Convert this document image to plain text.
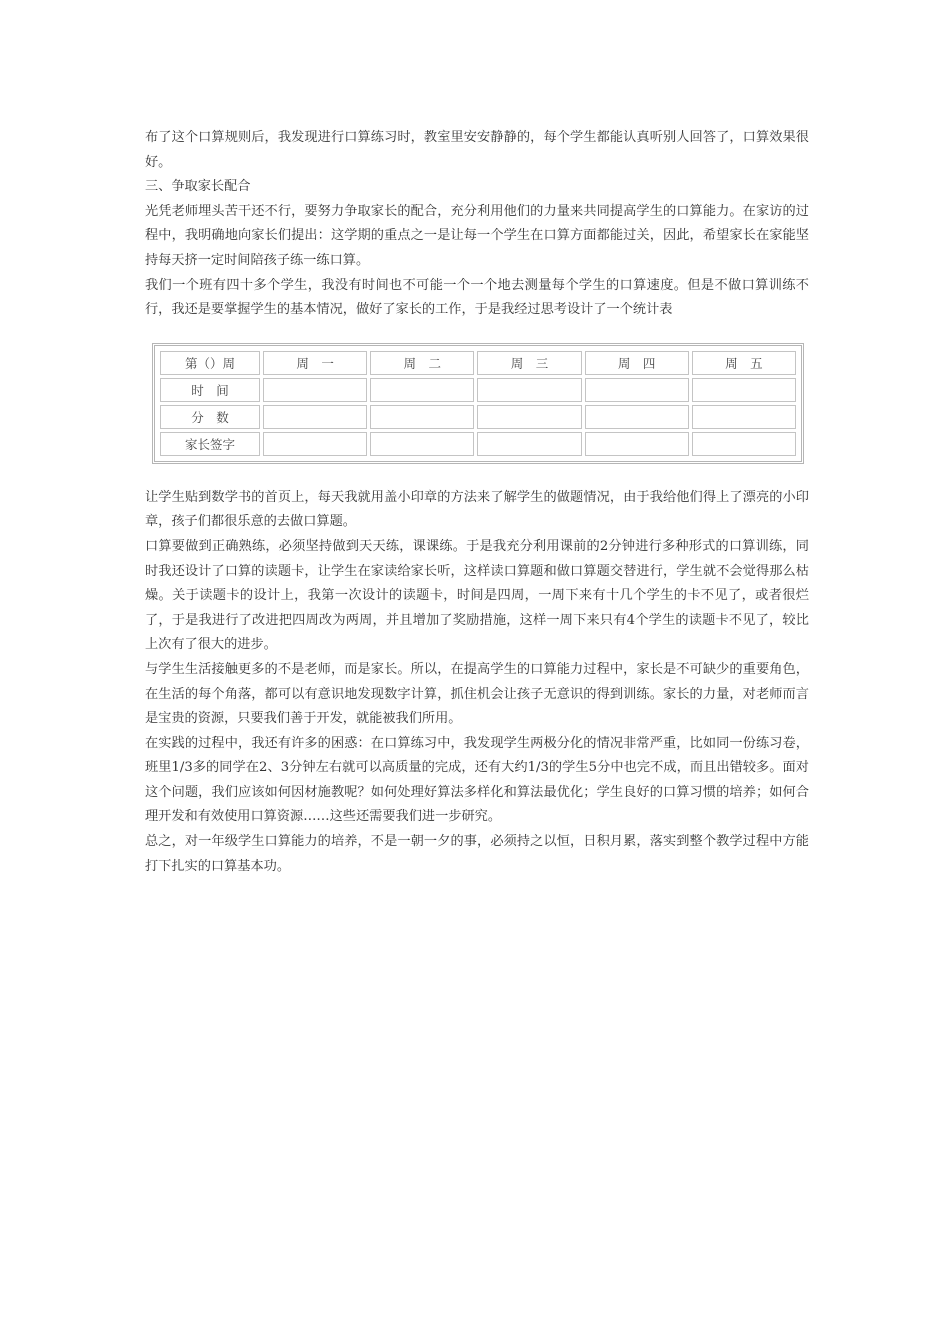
布了这个口算规则后，我发现进行口算练习时，教室里安安静静的，每个学生都能认真听别人回答了，口算效果很好。

三、争取家长配合

光凭老师埋头苦干还不行，要努力争取家长的配合，充分利用他们的力量来共同提高学生的口算能力。在家访的过程中，我明确地向家长们提出：这学期的重点之一是让每一个学生在口算方面都能过关，因此，希望家长在家能坚持每天挤一定时间陪孩子练一练口算。

我们一个班有四十多个学生，我没有时间也不可能一个一个地去测量每个学生的口算速度。但是不做口算训练不行，我还是要掌握学生的基本情况，做好了家长的工作，于是我经过思考设计了一个统计表

第（）周	周　一	周　二	周　三	周　四	周　五
时　间					
分　数					
家长签字					

让学生贴到数学书的首页上，每天我就用盖小印章的方法来了解学生的做题情况，由于我给他们得上了漂亮的小印章，孩子们都很乐意的去做口算题。

口算要做到正确熟练，必须坚持做到天天练，课课练。于是我充分利用课前的2分钟进行多种形式的口算训练，同时我还设计了口算的读题卡，让学生在家读给家长听，这样读口算题和做口算题交替进行，学生就不会觉得那么枯燥。关于读题卡的设计上，我第一次设计的读题卡，时间是四周，一周下来有十几个学生的卡不见了，或者很烂了，于是我进行了改进把四周改为两周，并且增加了奖励措施，这样一周下来只有4个学生的读题卡不见了，较比上次有了很大的进步。

与学生生活接触更多的不是老师，而是家长。所以，在提高学生的口算能力过程中，家长是不可缺少的重要角色，在生活的每个角落，都可以有意识地发现数字计算，抓住机会让孩子无意识的得到训练。家长的力量，对老师而言是宝贵的资源，只要我们善于开发，就能被我们所用。

在实践的过程中，我还有许多的困惑：在口算练习中，我发现学生两极分化的情况非常严重，比如同一份练习卷，班里1/3多的同学在2、3分钟左右就可以高质量的完成，还有大约1/3的学生5分中也完不成，而且出错较多。面对这个问题，我们应该如何因材施教呢？如何处理好算法多样化和算法最优化；学生良好的口算习惯的培养；如何合理开发和有效使用口算资源……这些还需要我们进一步研究。

总之，对一年级学生口算能力的培养，不是一朝一夕的事，必须持之以恒，日积月累，落实到整个教学过程中方能打下扎实的口算基本功。
